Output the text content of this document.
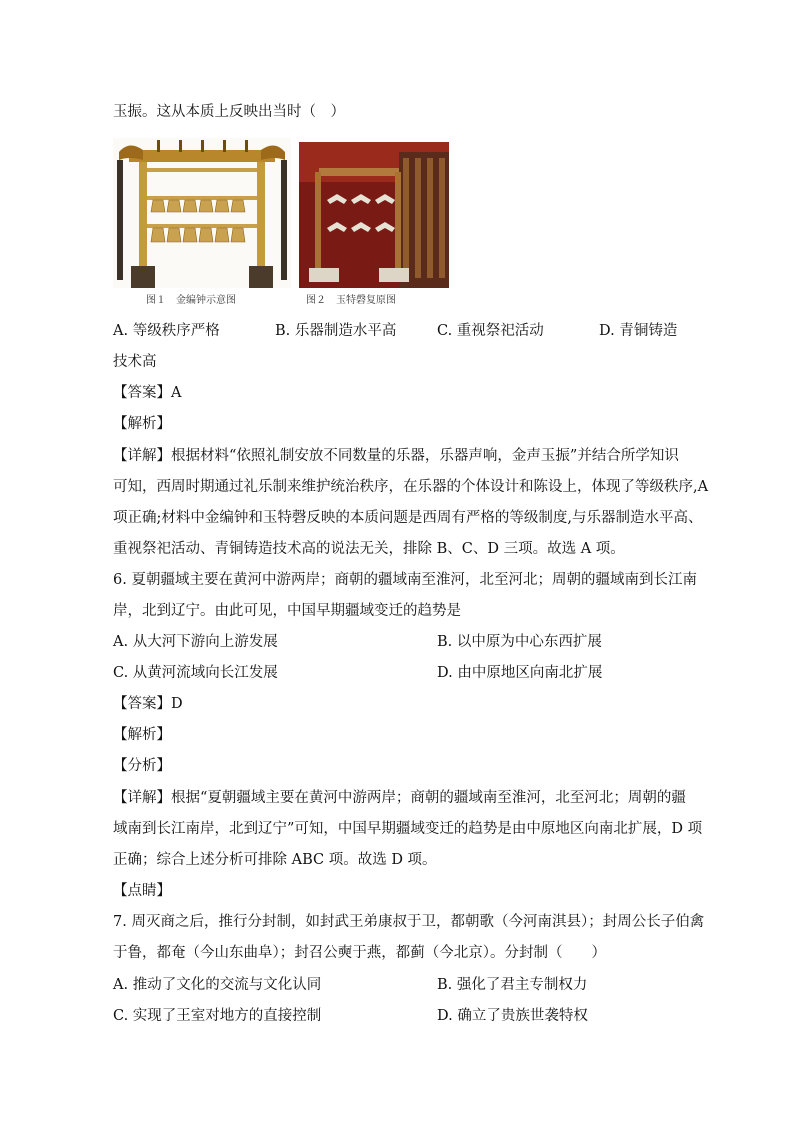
玉振。这从本质上反映出当时（　）
图１　金编钟示意图	图２　玉特磬复原图
A. 等级秩序严格	B. 乐器制造水平高	C. 重视祭祀活动	D. 青铜铸造
技术高
【答案】A
【解析】
【详解】根据材料“依照礼制安放不同数量的乐器，乐器声响，金声玉振”并结合所学知识
可知，西周时期通过礼乐制来维护统治秩序，在乐器的个体设计和陈设上，体现了等级秩序,A
项正确;材料中金编钟和玉特磬反映的本质问题是西周有严格的等级制度,与乐器制造水平高、
重视祭祀活动、青铜铸造技术高的说法无关，排除 B、C、D 三项。故选 A 项。
6. 夏朝疆域主要在黄河中游两岸；商朝的疆域南至淮河，北至河北；周朝的疆域南到长江南
岸，北到辽宁。由此可见，中国早期疆域变迁的趋势是
A. 从大河下游向上游发展	B. 以中原为中心东西扩展
C. 从黄河流域向长江发展	D. 由中原地区向南北扩展
【答案】D
【解析】
【分析】
【详解】根据“夏朝疆域主要在黄河中游两岸；商朝的疆域南至淮河，北至河北；周朝的疆
域南到长江南岸，北到辽宁”可知，中国早期疆域变迁的趋势是由中原地区向南北扩展，D 项
正确；综合上述分析可排除 ABC 项。故选 D 项。
【点睛】
7. 周灭商之后，推行分封制，如封武王弟康叔于卫，都朝歌（今河南淇县）；封周公长子伯禽
于鲁，都奄（今山东曲阜）；封召公奭于燕，都蓟（今北京）。分封制（　　）
A. 推动了文化的交流与文化认同	B. 强化了君主专制权力
C. 实现了王室对地方的直接控制	D. 确立了贵族世袭特权
